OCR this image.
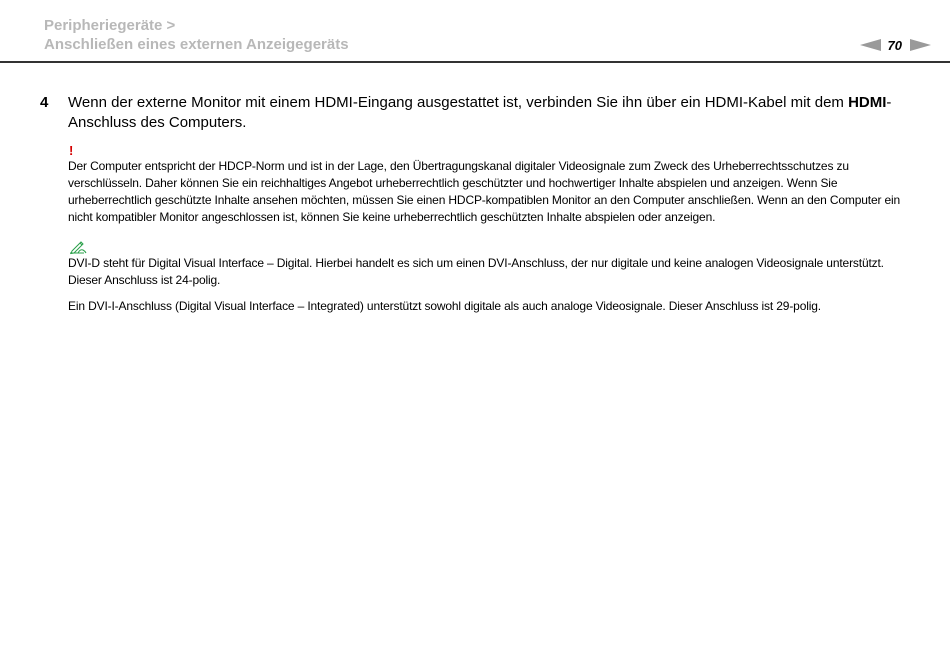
Peripheriegeräte >
Anschließen eines externen Anzeigegeräts	70
4 Wenn der externe Monitor mit einem HDMI-Eingang ausgestattet ist, verbinden Sie ihn über ein HDMI-Kabel mit dem HDMI-Anschluss des Computers.
!

Der Computer entspricht der HDCP-Norm und ist in der Lage, den Übertragungskanal digitaler Videosignale zum Zweck des Urheberrechtsschutzes zu verschlüsseln. Daher können Sie ein reichhaltiges Angebot urheberrechtlich geschützter und hochwertiger Inhalte abspielen und anzeigen. Wenn Sie urheberrechtlich geschützte Inhalte ansehen möchten, müssen Sie einen HDCP-kompatiblen Monitor an den Computer anschließen. Wenn an den Computer ein nicht kompatibler Monitor angeschlossen ist, können Sie keine urheberrechtlich geschützten Inhalte abspielen oder anzeigen.

DVI-D steht für Digital Visual Interface – Digital. Hierbei handelt es sich um einen DVI-Anschluss, der nur digitale und keine analogen Videosignale unterstützt. Dieser Anschluss ist 24-polig.

Ein DVI-I-Anschluss (Digital Visual Interface – Integrated) unterstützt sowohl digitale als auch analoge Videosignale. Dieser Anschluss ist 29-polig.
